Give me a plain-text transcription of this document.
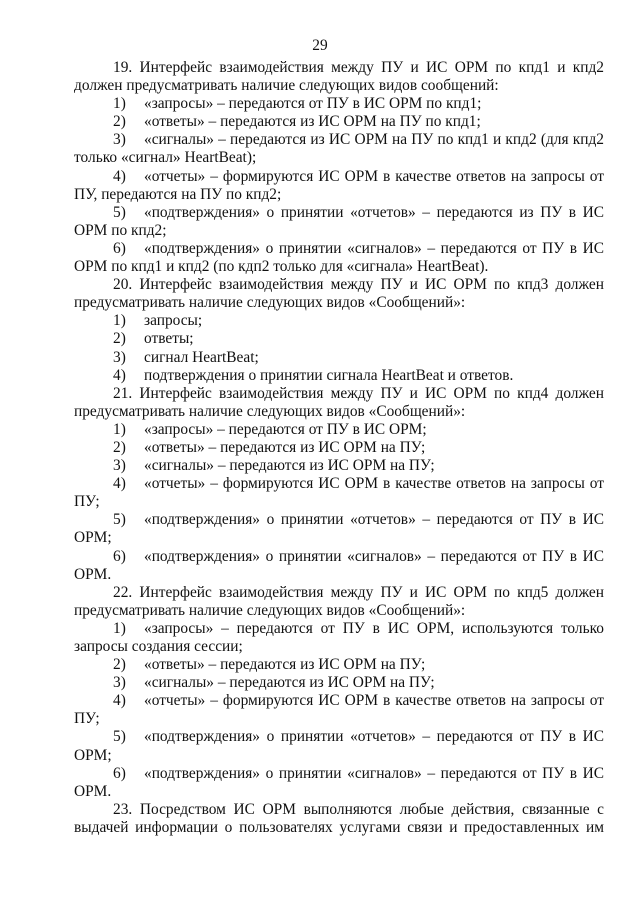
29

19. Интерфейс взаимодействия между ПУ и ИС ОРМ по кпд1 и кпд2 должен предусматривать наличие следующих видов сообщений:

1) «запросы» – передаются от ПУ в ИС ОРМ по кпд1;

2) «ответы» – передаются из ИС ОРМ на ПУ по кпд1;

3) «сигналы» – передаются из ИС ОРМ на ПУ по кпд1 и кпд2 (для кпд2 только «сигнал» HeartBeat);

4) «отчеты» – формируются ИС ОРМ в качестве ответов на запросы от ПУ, передаются на ПУ по кпд2;

5) «подтверждения» о принятии «отчетов» – передаются из ПУ в ИС ОРМ по кпд2;

6) «подтверждения» о принятии «сигналов» – передаются от ПУ в ИС ОРМ по кпд1 и кпд2 (по кдп2 только для «сигнала» HeartBeat).

20. Интерфейс взаимодействия между ПУ и ИС ОРМ по кпд3 должен предусматривать наличие следующих видов «Сообщений»:

1) запросы;

2) ответы;

3) сигнал HeartBeat;

4) подтверждения о принятии сигнала HeartBeat и ответов.

21. Интерфейс взаимодействия между ПУ и ИС ОРМ по кпд4 должен предусматривать наличие следующих видов «Сообщений»:

1) «запросы» – передаются от ПУ в ИС ОРМ;

2) «ответы» – передаются из ИС ОРМ на ПУ;

3) «сигналы» – передаются из ИС ОРМ на ПУ;

4) «отчеты» – формируются ИС ОРМ в качестве ответов на запросы от ПУ;

5) «подтверждения» о принятии «отчетов» – передаются от ПУ в ИС ОРМ;

6) «подтверждения» о принятии «сигналов» – передаются от ПУ в ИС ОРМ.

22. Интерфейс взаимодействия между ПУ и ИС ОРМ по кпд5 должен предусматривать наличие следующих видов «Сообщений»:

1) «запросы» – передаются от ПУ в ИС ОРМ, используются только запросы создания сессии;

2) «ответы» – передаются из ИС ОРМ на ПУ;

3) «сигналы» – передаются из ИС ОРМ на ПУ;

4) «отчеты» – формируются ИС ОРМ в качестве ответов на запросы от ПУ;

5) «подтверждения» о принятии «отчетов» – передаются от ПУ в ИС ОРМ;

6) «подтверждения» о принятии «сигналов» – передаются от ПУ в ИС ОРМ.

23. Посредством ИС ОРМ выполняются любые действия, связанные с выдачей информации о пользователях услугами связи и предоставленных им
